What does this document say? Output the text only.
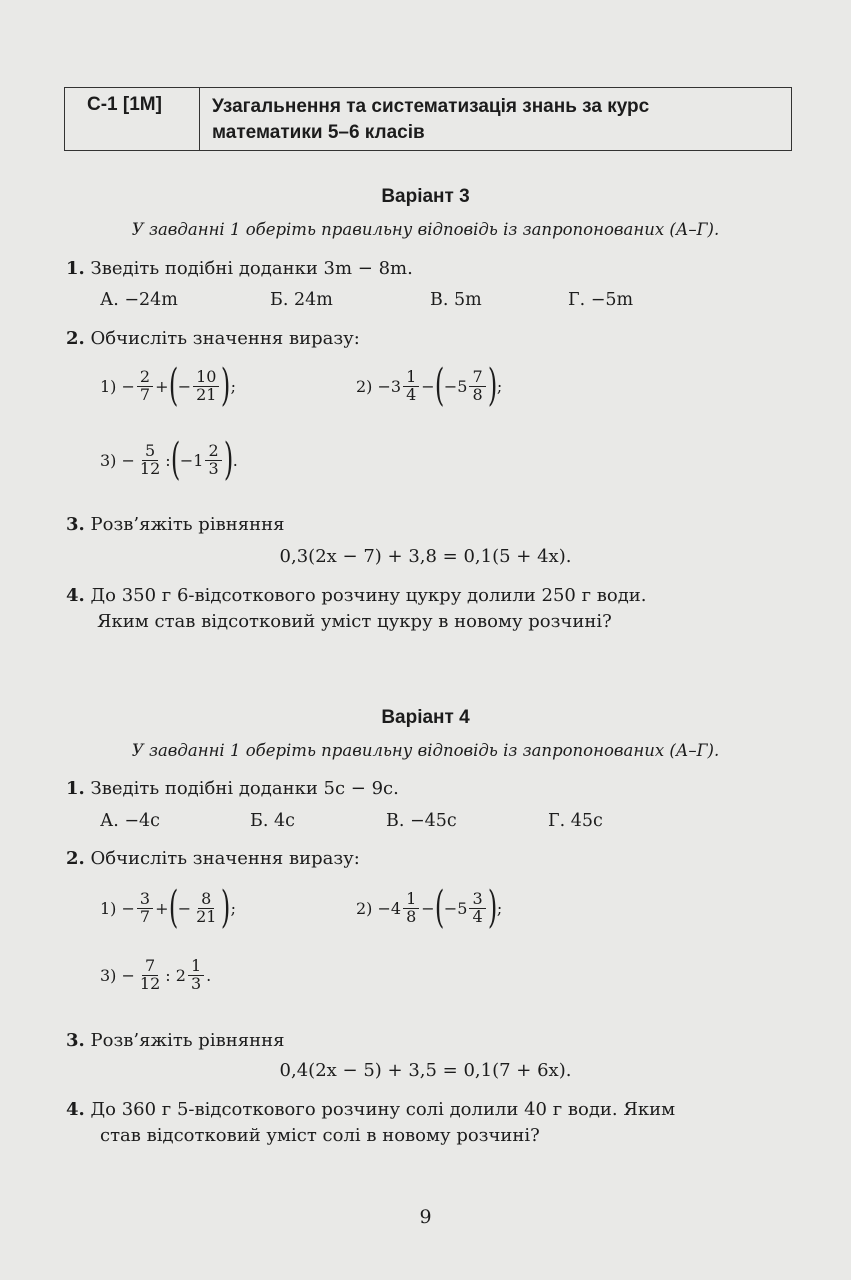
С-1 [1М]	Узагальнення та систематизація знань за курс
математики 5–6 класів
Варіант 3
У завданні 1 оберіть правильну відповідь із запропонованих (А–Г).
1. Зведіть подібні доданки 3m − 8m.
А. −24m	Б. 24m	В. 5m	Г. −5m
2. Обчисліть значення виразу:
$1) - \frac{2}{7}$ + ( − $\frac{10}{21}$ ) ;	2)
$-3 \frac{1}{4}$ − ( $-5 \frac{7}{8}$ ) ;
$3) - \frac{5}{12}$ : ( $-1 \frac{2}{3}$ ) .
3. Розв’яжіть рівняння
0,3(2x − 7) + 3,8 = 0,1(5 + 4x).
4. До 350 г 6-відсоткового розчину цукру долили 250 г води.
Яким став відсотковий уміст цукру в новому розчині?
Варіант 4
У завданні 1 оберіть правильну відповідь із запропонованих (А–Г).
1. Зведіть подібні доданки 5c − 9c.
А. −4c	Б. 4c	В. −45c	Г. 45c
2. Обчисліть значення виразу:
$1) - \frac{3}{7}$ + ( − $\frac{8}{21}$ ) ;	2)
$-4 \frac{1}{8}$ − ( $-5 \frac{3}{4}$ ) ;
$3) - \frac{7}{12}$ : $2 \frac{1}{3}$ .
3. Розв’яжіть рівняння
0,4(2x − 5) + 3,5 = 0,1(7 + 6x).
4. До 360 г 5-відсоткового розчину солі долили 40 г води. Яким
став відсотковий уміст солі в новому розчині?
9
